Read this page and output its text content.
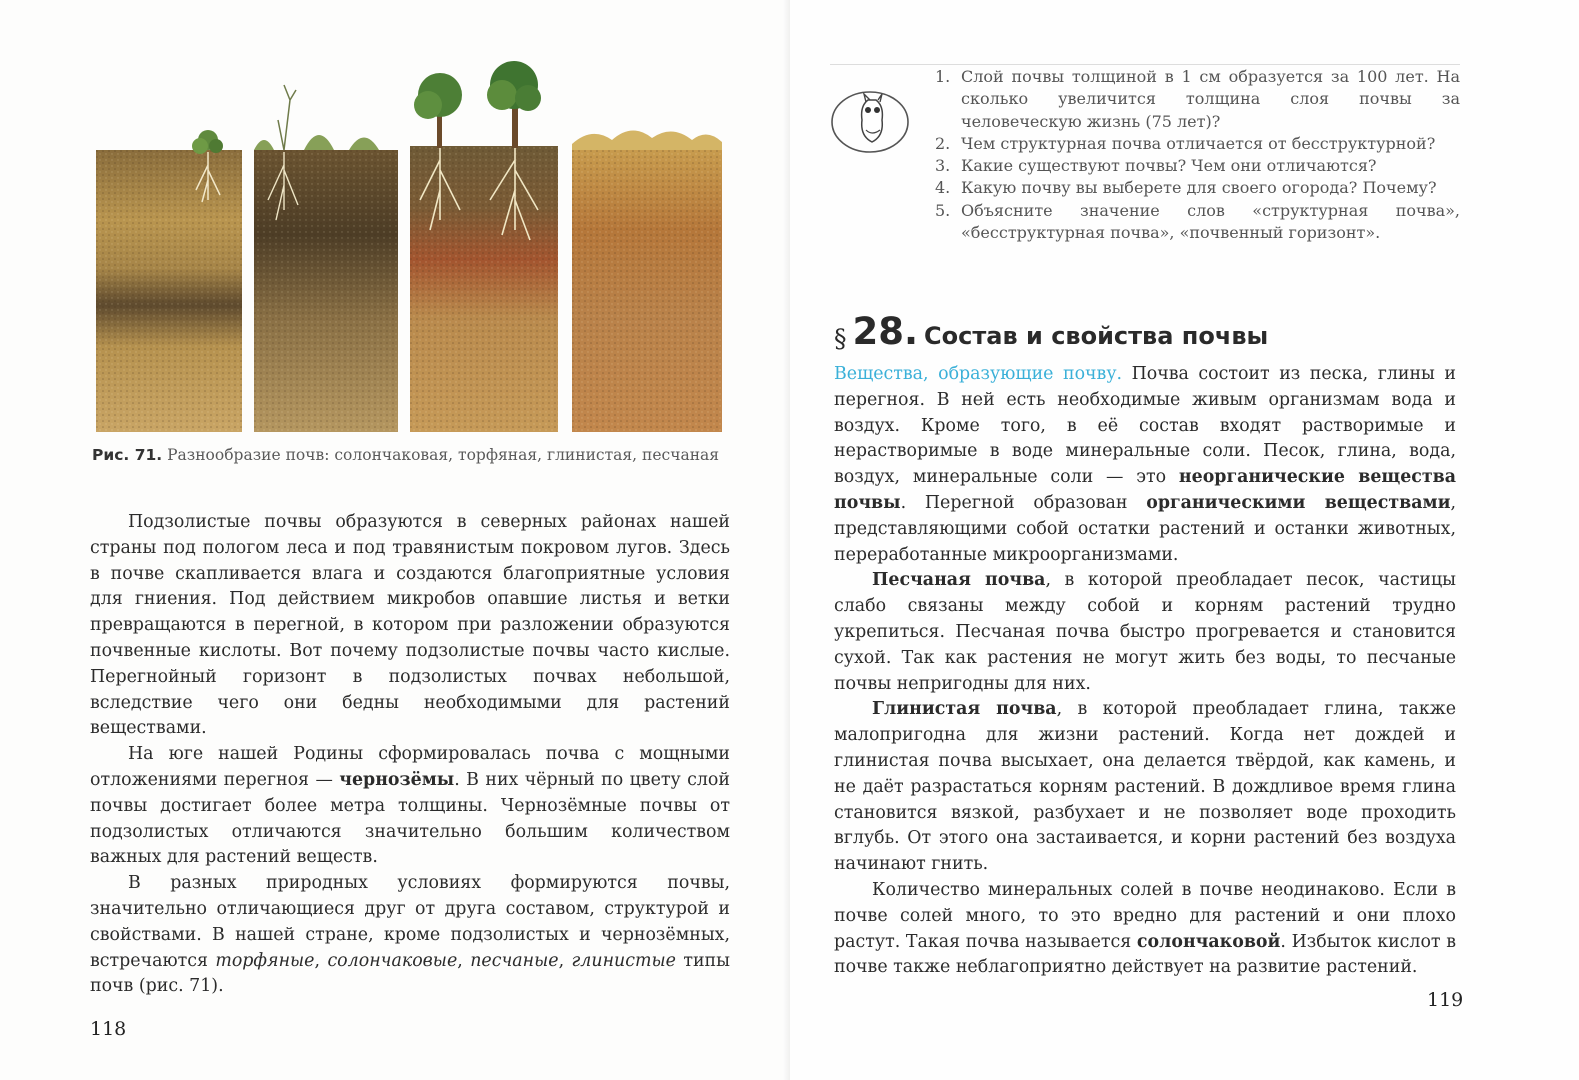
Рис. 71. Разнообразие почв: солончаковая, торфяная, глинистая, песчаная

Подзолистые почвы образуются в северных районах нашей страны под пологом леса и под травянистым покровом лугов. Здесь в почве скапливается влага и создаются благоприятные условия для гниения. Под действием микробов опавшие листья и ветки превращаются в перегной, в котором при разложении образуются почвенные кислоты. Вот почему подзолистые почвы часто кислые. Перегнойный горизонт в подзолистых почвах небольшой, вследствие чего они бедны необходимыми для растений веществами.

На юге нашей Родины сформировалась почва с мощными отложениями перегноя — чернозёмы. В них чёрный по цвету слой почвы достигает более метра толщины. Чернозёмные почвы от подзолистых отличаются значительно большим количеством важных для растений веществ.

В разных природных условиях формируются почвы, значительно отличающиеся друг от друга составом, структурой и свойствами. В нашей стране, кроме подзолистых и чернозёмных, встречаются торфяные, солончаковые, песчаные, глинистые типы почв (рис. 71).

118
1. Слой почвы толщиной в 1 см образуется за 100 лет. На сколько увеличится толщина слоя почвы за человеческую жизнь (75 лет)?
2. Чем структурная почва отличается от бесструктурной?
3. Какие существуют почвы? Чем они отличаются?
4. Какую почву вы выберете для своего огорода? Почему?
5. Объясните значение слов «структурная почва», «бесструктурная почва», «почвенный горизонт».
§ 28. Состав и свойства почвы

Вещества, образующие почву. Почва состоит из песка, глины и перегноя. В ней есть необходимые живым организмам вода и воздух. Кроме того, в её состав входят растворимые и нерастворимые в воде минеральные соли. Песок, глина, вода, воздух, минеральные соли — это неорганические вещества почвы. Перегной образован органическими веществами, представляющими собой остатки растений и останки животных, переработанные микроорганизмами.

Песчаная почва, в которой преобладает песок, частицы слабо связаны между собой и корням растений трудно укрепиться. Песчаная почва быстро прогревается и становится сухой. Так как растения не могут жить без воды, то песчаные почвы непригодны для них.

Глинистая почва, в которой преобладает глина, также малопригодна для жизни растений. Когда нет дождей и глинистая почва высыхает, она делается твёрдой, как камень, и не даёт разрастаться корням растений. В дождливое время глина становится вязкой, разбухает и не позволяет воде проходить вглубь. От этого она застаивается, и корни растений без воздуха начинают гнить.

Количество минеральных солей в почве неодинаково. Если в почве солей много, то это вредно для растений и они плохо растут. Такая почва называется солончаковой. Избыток кислот в почве также неблагоприятно действует на развитие растений.

119
